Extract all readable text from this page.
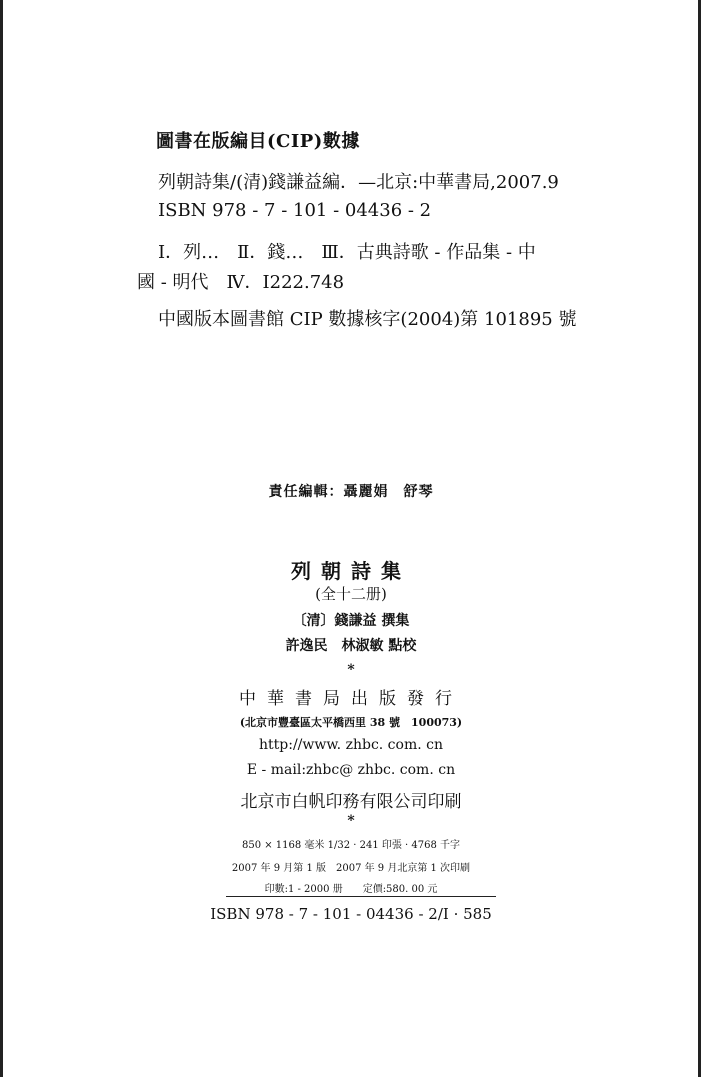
圖書在版編目(CIP)數據
列朝詩集/(清)錢謙益編．—北京:中華書局,2007.9
ISBN 978 - 7 - 101 - 04436 - 2
Ⅰ．列…　Ⅱ．錢…　Ⅲ．古典詩歌 - 作品集 - 中
國 - 明代　Ⅳ．I222.748
中國版本圖書館 CIP 數據核字(2004)第 101895 號
責任編輯：聶麗娟　舒琴
列朝詩集
(全十二册)
〔清〕錢謙益 撰集
許逸民　林淑敏 點校
*
中華書局出版發行
(北京市豐臺區太平橋西里 38 號　100073)
http://www. zhbc. com. cn
E - mail:zhbc@ zhbc. com. cn
北京市白帆印務有限公司印刷
*
850 × 1168 毫米 1/32 · 241 印張 · 4768 千字
2007 年 9 月第 1 版　2007 年 9 月北京第 1 次印刷
印數:1 - 2000 册　　定價:580. 00 元
ISBN 978 - 7 - 101 - 04436 - 2/I · 585
